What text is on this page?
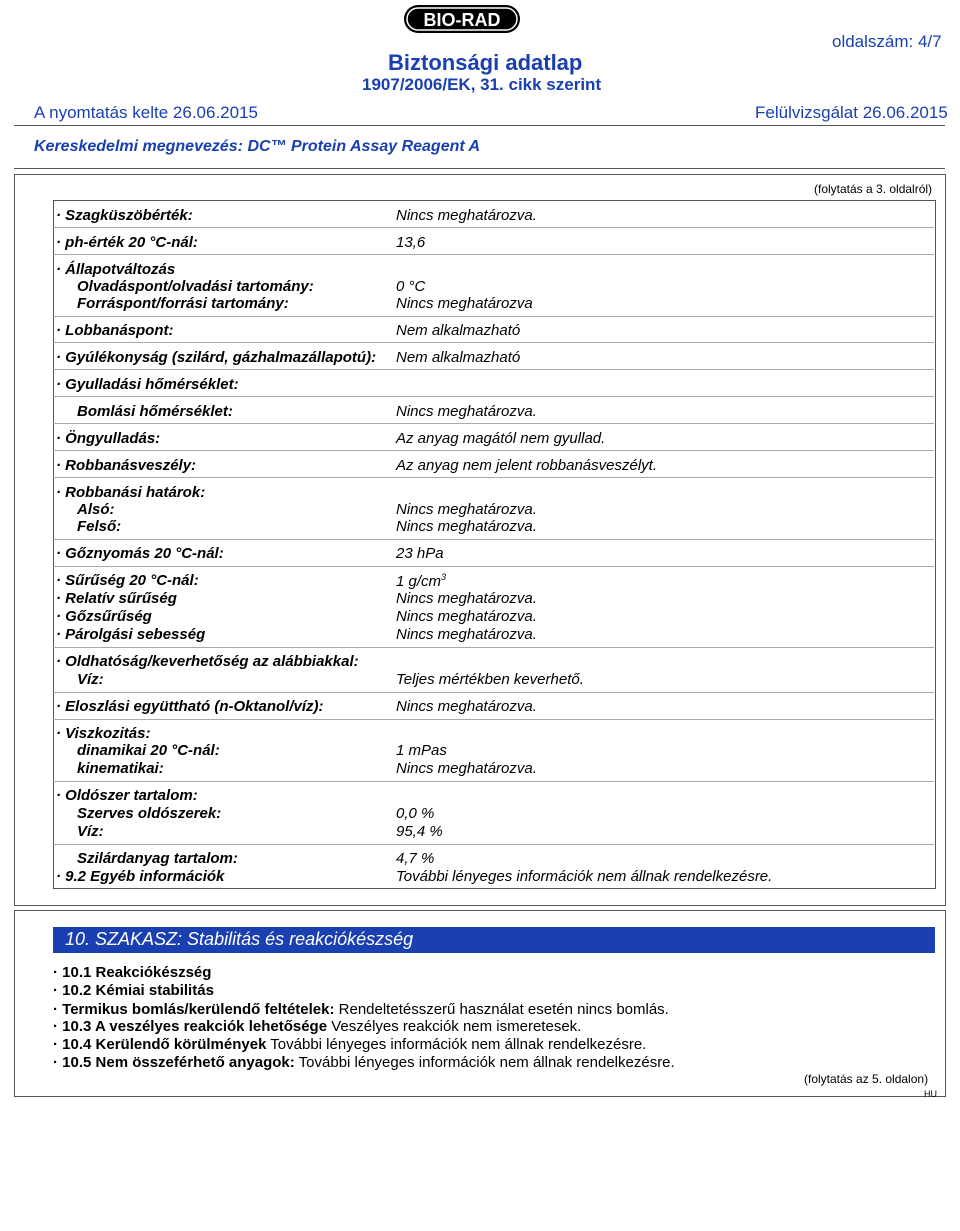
BIO-RAD
oldalszám: 4/7
Biztonsági adatlap
1907/2006/EK, 31. cikk szerint
A nyomtatás kelte 26.06.2015	Felülvizsgálat 26.06.2015
Kereskedelmi megnevezés: DC™ Protein Assay Reagent A
(folytatás a 3. oldalról)
· Szagküszöbérték:	Nincs meghatározva.
· ph-érték 20 °C-nál:	13,6
· Állapotváltozás
Olvadáspont/olvadási tartomány:	0 °C
Forráspont/forrási tartomány:	Nincs meghatározva
· Lobbanáspont:	Nem alkalmazható
· Gyúlékonyság (szilárd, gázhalmazállapotú): Nem alkalmazható
· Gyulladási hőmérséklet:
Bomlási hőmérséklet:	Nincs meghatározva.
· Öngyulladás:	Az anyag magától nem gyullad.
· Robbanásveszély:	Az anyag nem jelent robbanásveszélyt.
· Robbanási határok:
Alsó:	Nincs meghatározva.
Felső:	Nincs meghatározva.
· Gőznyomás 20 °C-nál:	23 hPa
· Sűrűség 20 °C-nál:	1 $g/cm^3$
· Relatív sűrűség	Nincs meghatározva.
· Gőzsűrűség	Nincs meghatározva.
· Párolgási sebesség	Nincs meghatározva.
· Oldhatóság/keverhetőség az alábbiakkal:
Víz:	Teljes mértékben keverhető.
· Eloszlási együttható (n-Oktanol/víz):	Nincs meghatározva.
· Viszkozitás:
dinamikai 20 °C-nál:	1 mPas
kinematikai:	Nincs meghatározva.
· Oldószer tartalom:
Szerves oldószerek:	0,0 %
Víz:	95,4 %
Szilárdanyag tartalom:	4,7 %
· 9.2 Egyéb információk	További lényeges információk nem állnak rendelkezésre.
10. SZAKASZ: Stabilitás és reakciókészség
· 10.1 Reakciókészség
· 10.2 Kémiai stabilitás
· Termikus bomlás/kerülendő feltételek: Rendeltetésszerű használat esetén nincs bomlás.
· 10.3 A veszélyes reakciók lehetősége Veszélyes reakciók nem ismeretesek.
· 10.4 Kerülendő körülmények További lényeges információk nem állnak rendelkezésre.
· 10.5 Nem összeférhető anyagok: További lényeges információk nem állnak rendelkezésre.
(folytatás az 5. oldalon)
HU
